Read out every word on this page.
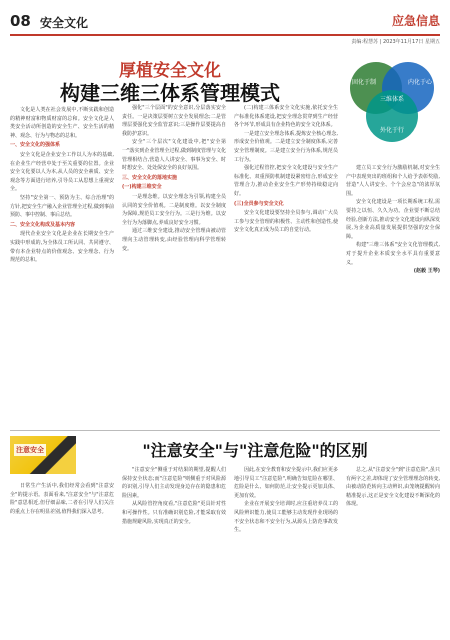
08 安全文化	应急信息
责编:程慧苏 | 2023年11月17日 星期五
厚植安全文化
构建三维三体系管理模式	固化于制	内化于心
三维体系
外化于行

文化是人类在社会发展中,不断实践和创造的精神财富和物质财富的总和。安全文化是人类安全活动所创造的安全生产、安全生活的精神、观念、行为与物态的总和。

一、安全文化的强体系

安全文化是企业安全工作以人为本的基础,在企业生产经营中处于至关重要的位置。企业安全文化要以人为本,从人员的安全素质、安全观念等方面进行培养,引导员工从思想上重视安全。

坚持"安全第一、预防为主、综合治理"的方针,把安全生产融入企业管理全过程,做到事前预防、事中控制、事后总结。

二、安全文化构成及基本内容

现代企业安全文化是企业在长期安全生产实践中形成的,为全体员工所认同、共同遵守、带有本企业特点的价值观念、安全理念、行为规范的总和。

强化"三个层面"的安全意识,分层落实安全责任。一是决策层要树立安全发展理念;二是管理层要强化安全监管意识;三是操作层要提高自我防护意识。

安全"三个层次"文化建设中,把"安全第一"落实到企业管理全过程,做到制度管理与文化管理相结合,营造人人讲安全、事事为安全、时时想安全、处处保安全的良好氛围。

三、安全文化的落地实施

(一)构建三维安全

一是理念维。以安全理念为引领,构建全员认同的安全价值观。二是制度维。以安全制度为保障,规范员工安全行为。三是行为维。以安全行为为落脚点,养成良好安全习惯。

通过三维安全建设,推动安全管理由被动管理向主动管理转变,由经验管理向科学管理转变。

(二)构建三体系安全文化实施,依托安全生产标准化体系建设,把安全理念贯穿到生产经营各个环节,形成具有企业特色的安全文化体系。

一是建立安全理念体系,提炼安全核心理念,形成安全价值观。二是建立安全制度体系,完善安全管理制度。三是建立安全行为体系,规范员工行为。

强化过程管控,把安全文化建设与安全生产标准化、双重预防机制建设紧密结合,形成安全管理合力,推动企业安全生产形势持续稳定向好。

(三)全员参与安全文化

安全文化建设要坚持全员参与,调动广大员工参与安全管理的积极性、主动性和创造性,使安全文化真正成为员工的自觉行动。

建立员工安全行为激励机制,对安全生产中表现突出的班组和个人给予表彰奖励,营造"人人讲安全、个个会应急"的浓厚氛围。

安全文化建设是一项长期系统工程,需要持之以恒、久久为功。企业要不断总结经验,创新方法,推动安全文化建设向纵深发展,为企业高质量发展提供坚强的安全保障。

构建"三维三体系"安全文化管理模式,对于提升企业本质安全水平具有重要意义。

(赵毅 王琴)

注意安全	"注意安全"与"注意危险"的区别

日常生产生活中,我们经常会看到"注意安全"的提示语。表面看来,"注意安全"与"注意危险"意思相近,但仔细品味,二者在引导人们关注的重点上存在明显差别,值得我们深入思考。

"注意安全"侧重于对结果的期望,提醒人们保持安全状态;而"注意危险"则侧重于对风险源的识别,引导人们主动发现身边存在的隐患和危险因素。

从风险管控角度看,"注意危险"更具针对性和可操作性。只有准确识别危险,才能采取有效措施规避风险,实现真正的安全。

因此,在安全教育和安全提示中,我们应更多地引导员工"注意危险",明确告知危险在哪里、危险是什么、如何防范,让安全提示更加具体、更加有效。

企业在开展安全培训时,应注重培养员工的风险辨识能力,使员工能够主动发现作业现场的不安全状态和不安全行为,从源头上防范事故发生。

总之,从"注意安全"到"注意危险",虽只有两字之差,却体现了安全管理理念的转变,由被动防范转向主动辨识,由笼统提醒转向精准提示,这正是安全文化建设不断深化的体现。
